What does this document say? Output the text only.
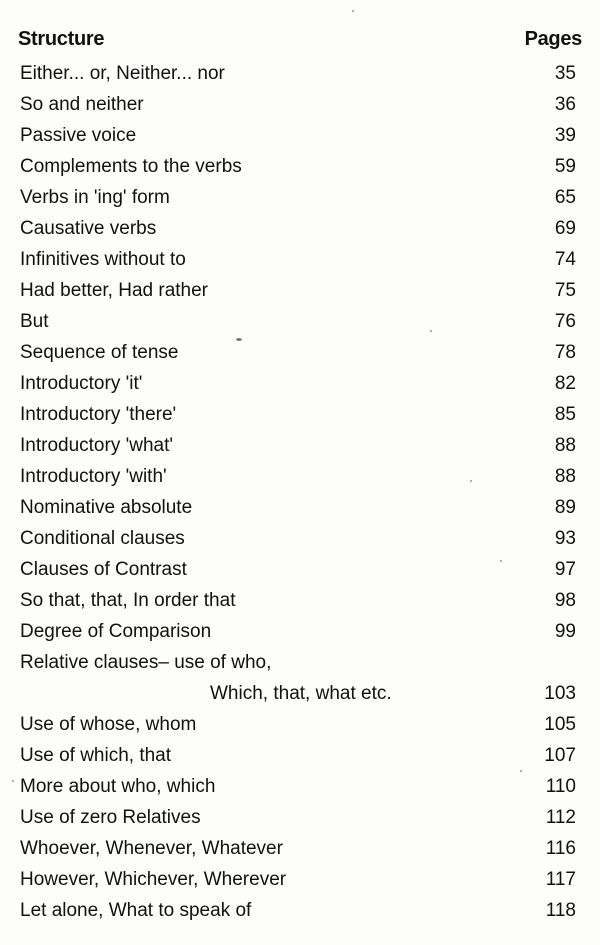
Structure	Pages
Either... or, Neither... nor	35
So and neither	36
Passive voice	39
Complements to the verbs	59
Verbs in 'ing' form	65
Causative verbs	69
Infinitives without to	74
Had better, Had rather	75
But	76
Sequence of tense	78
Introductory 'it'	82
Introductory 'there'	85
Introductory 'what'	88
Introductory 'with'	88
Nominative absolute	89
Conditional clauses	93
Clauses of Contrast	97
So that, that, In order that	98
Degree of Comparison	99
Relative clauses– use of who,
Which, that, what etc.	103
Use of whose, whom	105
Use of which, that	107
More about who, which	110
Use of zero Relatives	112
Whoever, Whenever, Whatever	116
However, Whichever, Wherever	117
Let alone, What to speak of	118
